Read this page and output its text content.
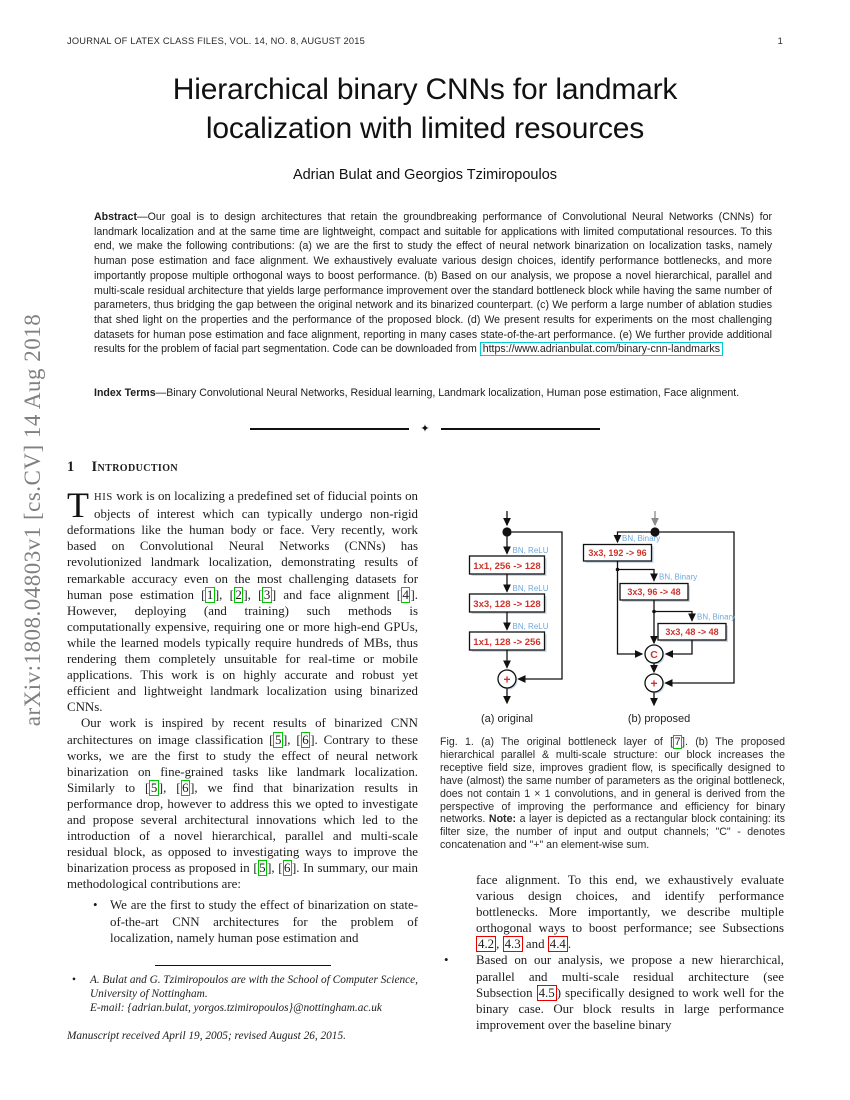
JOURNAL OF LATEX CLASS FILES, VOL. 14, NO. 8, AUGUST 2015	1
arXiv:1808.04803v1 [cs.CV] 14 Aug 2018
Hierarchical binary CNNs for landmark
localization with limited resources
Adrian Bulat and Georgios Tzimiropoulos
Abstract—Our goal is to design architectures that retain the groundbreaking performance of Convolutional Neural Networks (CNNs) for landmark localization and at the same time are lightweight, compact and suitable for applications with limited computational resources. To this end, we make the following contributions: (a) we are the first to study the effect of neural network binarization on localization tasks, namely human pose estimation and face alignment. We exhaustively evaluate various design choices, identify performance bottlenecks, and more importantly propose multiple orthogonal ways to boost performance. (b) Based on our analysis, we propose a novel hierarchical, parallel and multi-scale residual architecture that yields large performance improvement over the standard bottleneck block while having the same number of parameters, thus bridging the gap between the original network and its binarized counterpart. (c) We perform a large number of ablation studies that shed light on the properties and the performance of the proposed block. (d) We present results for experiments on the most challenging datasets for human pose estimation and face alignment, reporting in many cases state-of-the-art performance. (e) We further provide additional results for the problem of facial part segmentation. Code can be downloaded from https://www.adrianbulat.com/binary-cnn-landmarks
Index Terms—Binary Convolutional Neural Networks, Residual learning, Landmark localization, Human pose estimation, Face alignment.
✦
1 Introduction

THIS work is on localizing a predefined set of fiducial points on objects of interest which can typically undergo non-rigid deformations like the human body or face. Very recently, work based on Convolutional Neural Networks (CNNs) has revolutionized landmark localization, demonstrating results of remarkable accuracy even on the most challenging datasets for human pose estimation [ 1 ], [ 2 ], [ 3 ] and face alignment [ 4 ]. However, deploying (and training) such methods is computationally expensive, requiring one or more high-end GPUs, while the learned models typically require hundreds of MBs, thus rendering them completely unsuitable for real-time or mobile applications. This work is on highly accurate and robust yet efficient and lightweight landmark localization using binarized CNNs.

Our work is inspired by recent results of binarized CNN architectures on image classification [ 5 ], [ 6 ]. Contrary to these works, we are the first to study the effect of neural network binarization on fine-grained tasks like landmark localization. Similarly to [ 5 ], [ 6 ], we find that binarization results in performance drop, however to address this we opted to investigate and propose several architectural innovations which led to the introduction of a novel hierarchical, parallel and multi-scale residual block, as opposed to investigating ways to improve the binarization process as proposed in [ 5 ], [ 6 ]. In summary, our main methodological contributions are:

• We are the first to study the effect of binarization on state-of-the-art CNN architectures for the problem of localization, namely human pose estimation and
BN, ReLU
1x1, 256 -> 128
BN, ReLU
3x3, 128 -> 128
BN, ReLU
1x1, 128 -> 256
+
(a) original
BN, Binary
3x3, 192 -> 96
BN, Binary
3x3, 96 -> 48
BN, Binary
3x3, 48 -> 48
C
+
(b) proposed
Fig. 1. (a) The original bottleneck layer of [ 7 ]. (b) The proposed hierarchical parallel & multi-scale structure: our block increases the receptive field size, improves gradient flow, is specifically designed to have (almost) the same number of parameters as the original bottleneck, does not contain 1 × 1 convolutions, and in general is derived from the perspective of improving the performance and efficiency for binary networks. Note: a layer is depicted as a rectangular block containing: its filter size, the number of input and output channels; "C" - denotes concatenation and "+" an element-wise sum.
face alignment. To this end, we exhaustively evaluate various design choices, and identify performance bottlenecks. More importantly, we describe multiple orthogonal ways to boost performance; see Subsections 4.2 , 4.3 and 4.4 .
• Based on our analysis, we propose a new hierarchical, parallel and multi-scale residual architecture (see Subsection 4.5 ) specifically designed to work well for the binary case. Our block results in large performance improvement over the baseline binary
• A. Bulat and G. Tzimiropoulos are with the School of Computer Science, University of Nottingham.
E-mail: {adrian.bulat, yorgos.tzimiropoulos}@nottingham.ac.uk
Manuscript received April 19, 2005; revised August 26, 2015.
